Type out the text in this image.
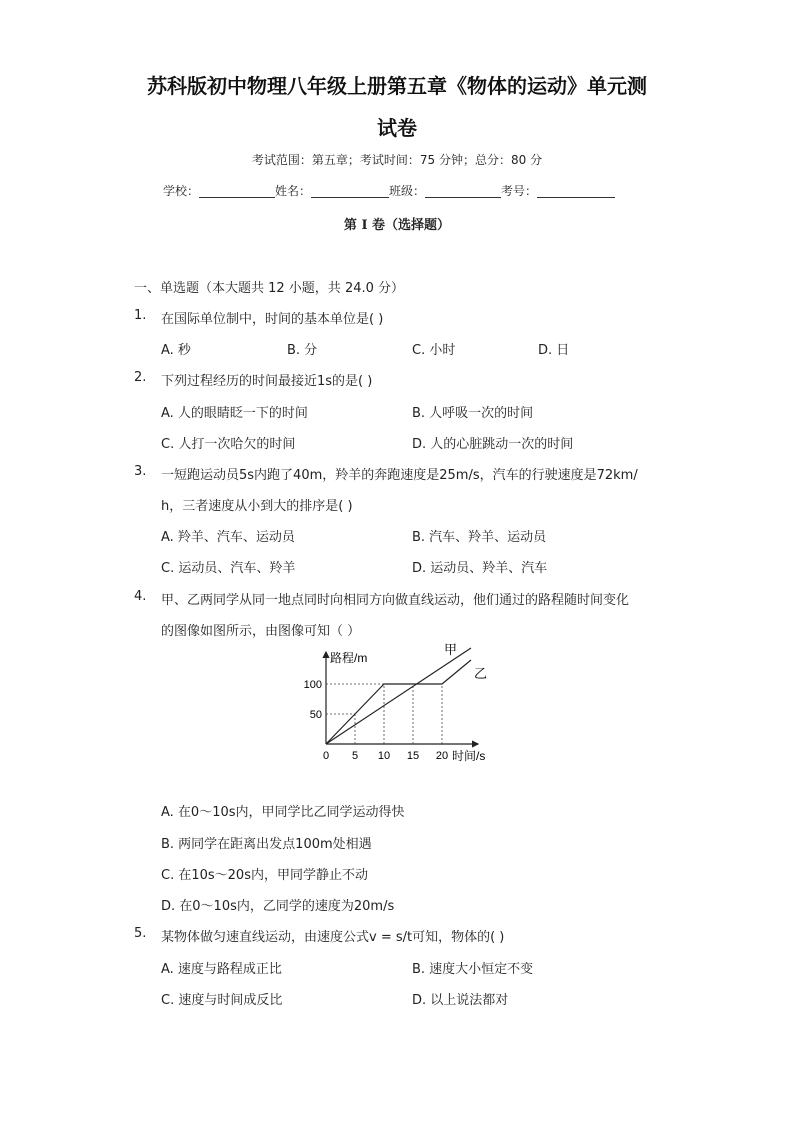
苏科版初中物理八年级上册第五章《物体的运动》单元测
试卷
考试范围：第五章；考试时间：75 分钟；总分：80 分
学校：	姓名：	班级：	考号：
第 I 卷（选择题）
一、单选题（本大题共 12 小题，共 24.0 分）
1. 在国际单位制中，时间的基本单位是( )
A. 秒	B. 分	C. 小时	D. 日
2. 下列过程经历的时间最接近1s的是( )
A. 人的眼睛眨一下的时间	B. 人呼吸一次的时间
C. 人打一次哈欠的时间	D. 人的心脏跳动一次的时间
3. 一短跑运动员5s内跑了40m，羚羊的奔跑速度是25m/s，汽车的行驶速度是72km/
h，三者速度从小到大的排序是( )
A. 羚羊、汽车、运动员	B. 汽车、羚羊、运动员
C. 运动员、汽车、羚羊	D. 运动员、羚羊、汽车
4. 甲、乙两同学从同一地点同时向相同方向做直线运动，他们通过的路程随时间变化
的图像如图所示，由图像可知（ ）
0 5 10 15 20
50
100
路程/m
时间/s
甲
乙
A. 在0～10s内，甲同学比乙同学运动得快
B. 两同学在距离出发点100m处相遇
C. 在10s～20s内，甲同学静止不动
D. 在0～10s内，乙同学的速度为20m/s
5. 某物体做匀速直线运动，由速度公式v = s/t可知，物体的( )
A. 速度与路程成正比	B. 速度大小恒定不变
C. 速度与时间成反比	D. 以上说法都对
